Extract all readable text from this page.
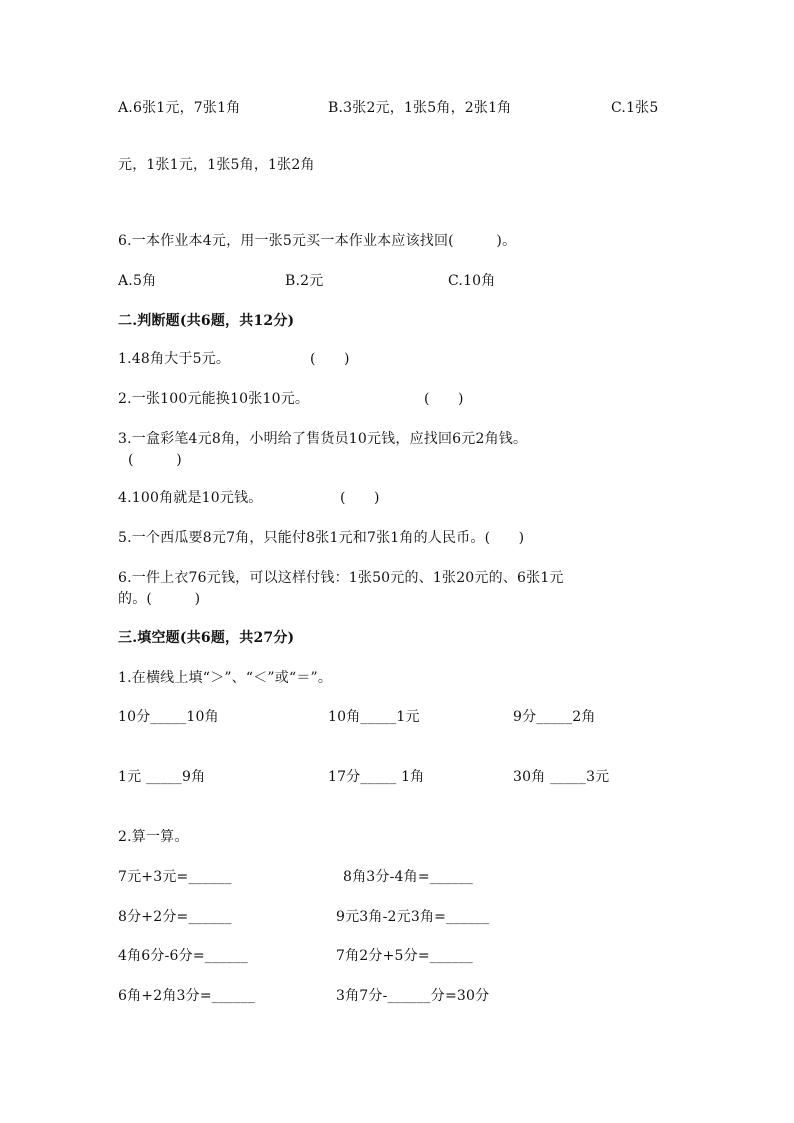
A.6张1元，7张1角	B.3张2元，1张5角，2张1角	C.1张5
元，1张1元，1张5角，1张2角
6.一本作业本4元，用一张5元买一本作业本应该找回(　　　)。
A.5角	B.2元	C.10角
二.判断题(共6题，共12分)
1.48角大于5元。	(　　)
2.一张100元能换10张10元。	(　　)
3.一盒彩笔4元8角，小明给了售货员10元钱，应找回6元2角钱。
(　　　)
4.100角就是10元钱。	(　　)
5.一个西瓜要8元7角，只能付8张1元和7张1角的人民币。(　　)
6.一件上衣76元钱，可以这样付钱：1张50元的、1张20元的、6张1元
的。(　　　)
三.填空题(共6题，共27分)
1.在横线上填“＞”、“＜”或“＝”。
10分_____10角	10角_____1元	9分_____2角
1元 _____9角	17分_____ 1角	30角 _____3元
2.算一算。
7元+3元=______	8角3分-4角=______
8分+2分=______	9元3角-2元3角=______
4角6分-6分=______	7角2分+5分=______
6角+2角3分=______	3角7分-______分=30分
